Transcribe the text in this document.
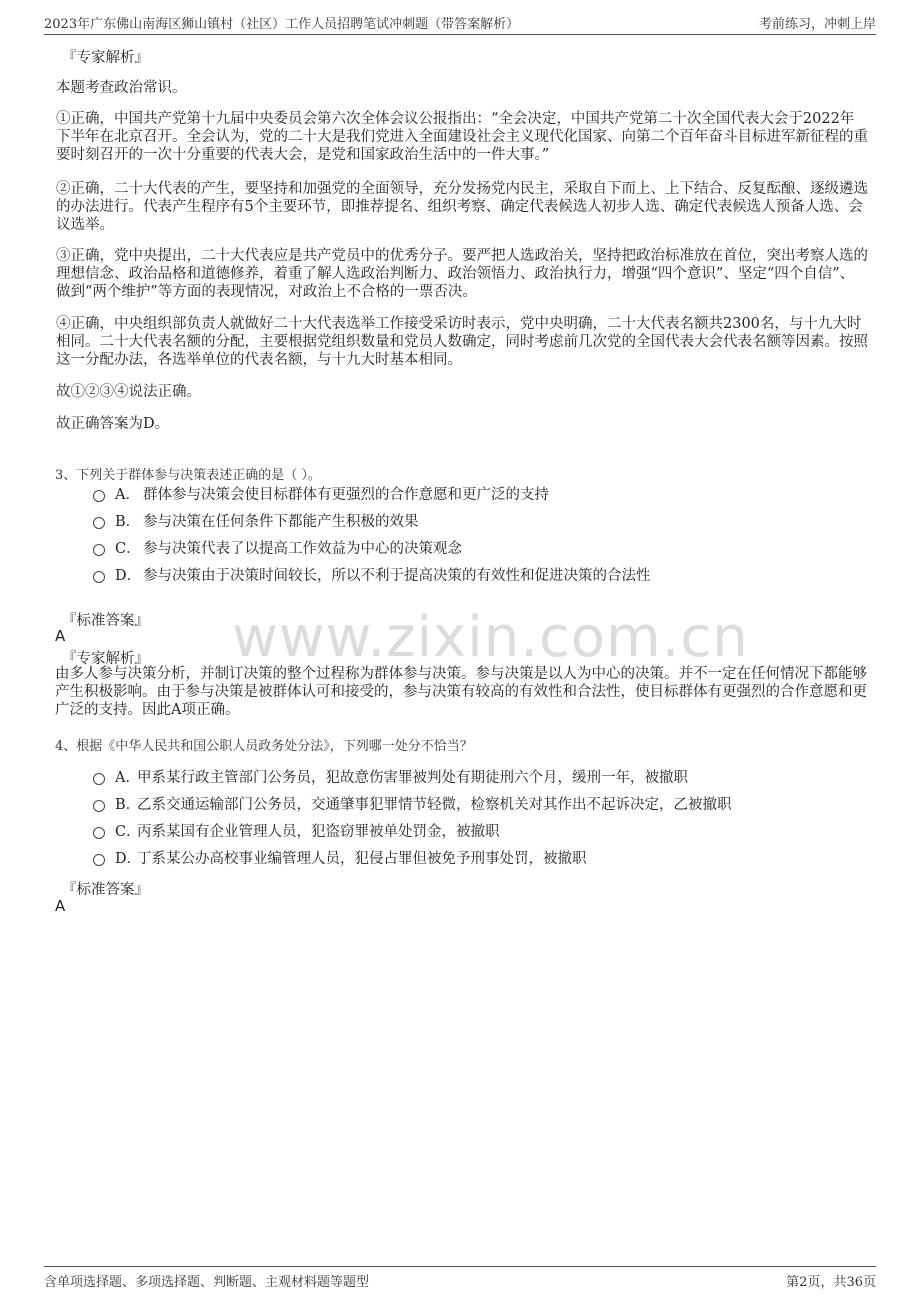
2023年广东佛山南海区狮山镇村（社区）工作人员招聘笔试冲刺题（带答案解析）	考前练习，冲刺上岸
www.zixin.com.cn
『专家解析』

本题考查政治常识。

①正确，中国共产党第十九届中央委员会第六次全体会议公报指出：“全会决定，中国共产党第二十次全国代表大会于2022年下半年在北京召开。全会认为，党的二十大是我们党进入全面建设社会主义现代化国家、向第二个百年奋斗目标进军新征程的重要时刻召开的一次十分重要的代表大会，是党和国家政治生活中的一件大事。”

②正确，二十大代表的产生，要坚持和加强党的全面领导，充分发扬党内民主，采取自下而上、上下结合、反复酝酿、逐级遴选的办法进行。代表产生程序有5个主要环节，即推荐提名、组织考察、确定代表候选人初步人选、确定代表候选人预备人选、会议选举。

③正确，党中央提出，二十大代表应是共产党员中的优秀分子。要严把人选政治关，坚持把政治标准放在首位，突出考察人选的理想信念、政治品格和道德修养，着重了解人选政治判断力、政治领悟力、政治执行力，增强“四个意识”、坚定“四个自信”、做到“两个维护”等方面的表现情况，对政治上不合格的一票否决。

④正确，中央组织部负责人就做好二十大代表选举工作接受采访时表示，党中央明确，二十大代表名额共2300名，与十九大时相同。二十大代表名额的分配，主要根据党组织数量和党员人数确定，同时考虑前几次党的全国代表大会代表名额等因素。按照这一分配办法，各选举单位的代表名额，与十九大时基本相同。

故①②③④说法正确。

故正确答案为D。

3、下列关于群体参与决策表述正确的是（ ）。
A． 群体参与决策会使目标群体有更强烈的合作意愿和更广泛的支持
B． 参与决策在任何条件下都能产生积极的效果
C． 参与决策代表了以提高工作效益为中心的决策观念
D． 参与决策由于决策时间较长，所以不利于提高决策的有效性和促进决策的合法性
『标准答案』
A
『专家解析』

由多人参与决策分析，并制订决策的整个过程称为群体参与决策。参与决策是以人为中心的决策。并不一定在任何情况下都能够产生积极影响。由于参与决策是被群体认可和接受的，参与决策有较高的有效性和合法性，使目标群体有更强烈的合作意愿和更广泛的支持。因此A项正确。

4、根据《中华人民共和国公职人员政务处分法》，下列哪一处分不恰当？
A．甲系某行政主管部门公务员，犯故意伤害罪被判处有期徒刑六个月，缓刑一年，被撤职
B．乙系交通运输部门公务员，交通肇事犯罪情节轻微，检察机关对其作出不起诉决定，乙被撤职
C．丙系某国有企业管理人员，犯盗窃罪被单处罚金，被撤职
D．丁系某公办高校事业编管理人员，犯侵占罪但被免予刑事处罚，被撤职
『标准答案』
A
含单项选择题、多项选择题、判断题、主观材料题等题型	第2页，共36页
